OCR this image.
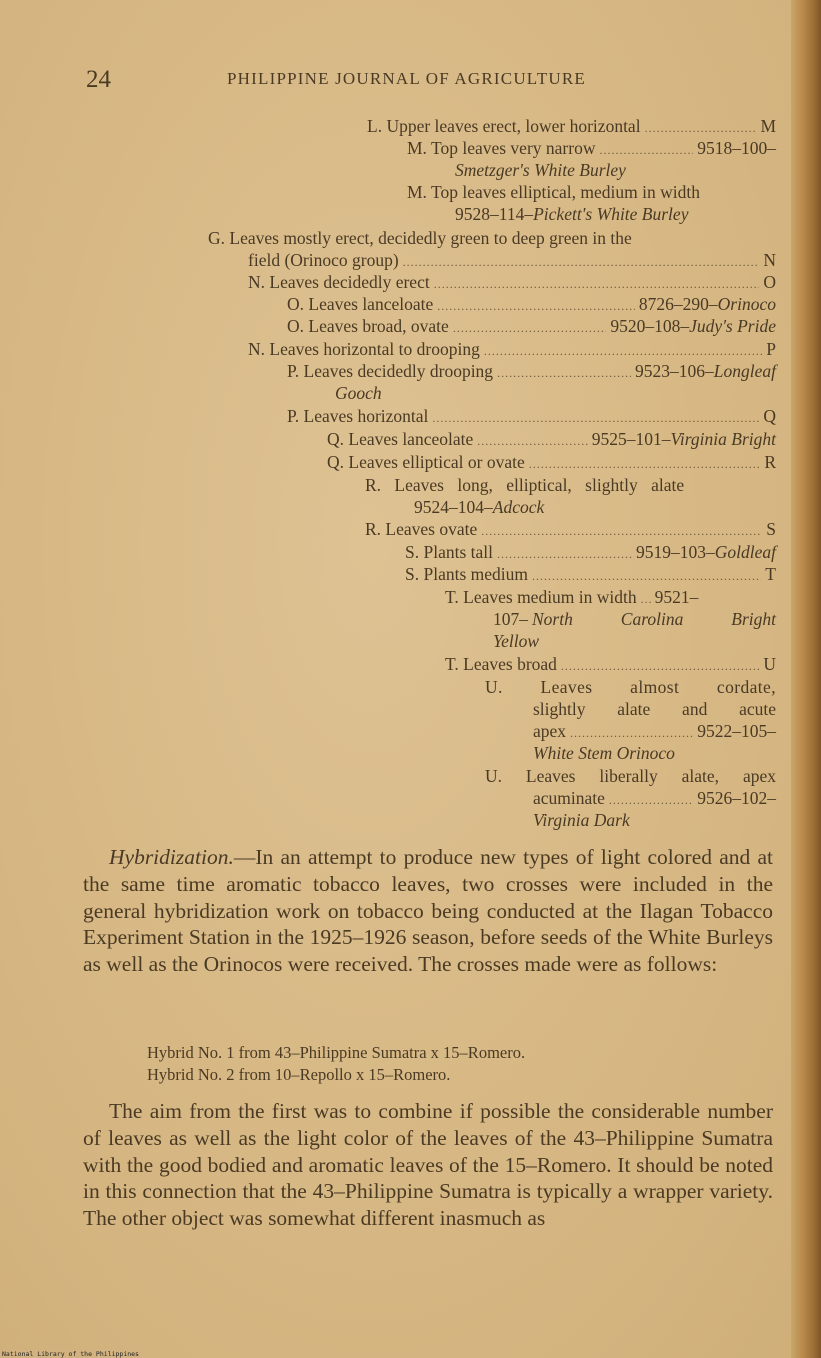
24	PHILIPPINE JOURNAL OF AGRICULTURE
L. Upper leaves erect, lower horizontal .....	M
M. Top leaves very narrow .....	9518–100–
Smetzger's White Burley
M. Top leaves elliptical, medium in width
9528–114–Pickett's White Burley
G. Leaves mostly erect, decidedly green to deep green in the
field (Orinoco group) .....	N
N. Leaves decidedly erect .....	O
O. Leaves lanceloate .....	8726–290– Orinoco
O. Leaves broad, ovate .....	9520–108– Judy's Pride
N. Leaves horizontal to drooping .....	P
P. Leaves decidedly drooping .....	9523–106– Longleaf
Gooch
P. Leaves horizontal .....	Q
Q. Leaves lanceolate .....	9525–101– Virginia Bright
Q. Leaves elliptical or ovate .....	R
R. Leaves long, elliptical, slightly alate
9524–104–Adcock
R. Leaves ovate .....	S
S. Plants tall .....	9519–103– Goldleaf
S. Plants medium .....	T
T. Leaves medium in width ..... 9521–
107– North Carolina Bright
Yellow
T. Leaves broad .....	U
U. Leaves almost cordate,
slightly alate and acute
apex .....	9522–105–
White Stem Orinoco
U. Leaves liberally alate, apex
acuminate .....	9526–102–
Virginia Dark
Hybridization.—In an attempt to produce new types of light colored and at the same time aromatic tobacco leaves, two crosses were included in the general hybridization work on tobacco being conducted at the Ilagan Tobacco Experiment Station in the 1925–1926 season, before seeds of the White Burleys as well as the Orinocos were received. The crosses made were as follows:
Hybrid No. 1 from 43–Philippine Sumatra x 15–Romero.
Hybrid No. 2 from 10–Repollo x 15–Romero.
The aim from the first was to combine if possible the considerable number of leaves as well as the light color of the leaves of the 43–Philippine Sumatra with the good bodied and aromatic leaves of the 15–Romero. It should be noted in this connection that the 43–Philippine Sumatra is typically a wrapper variety. The other object was somewhat different inasmuch as
National Library of the Philippines
